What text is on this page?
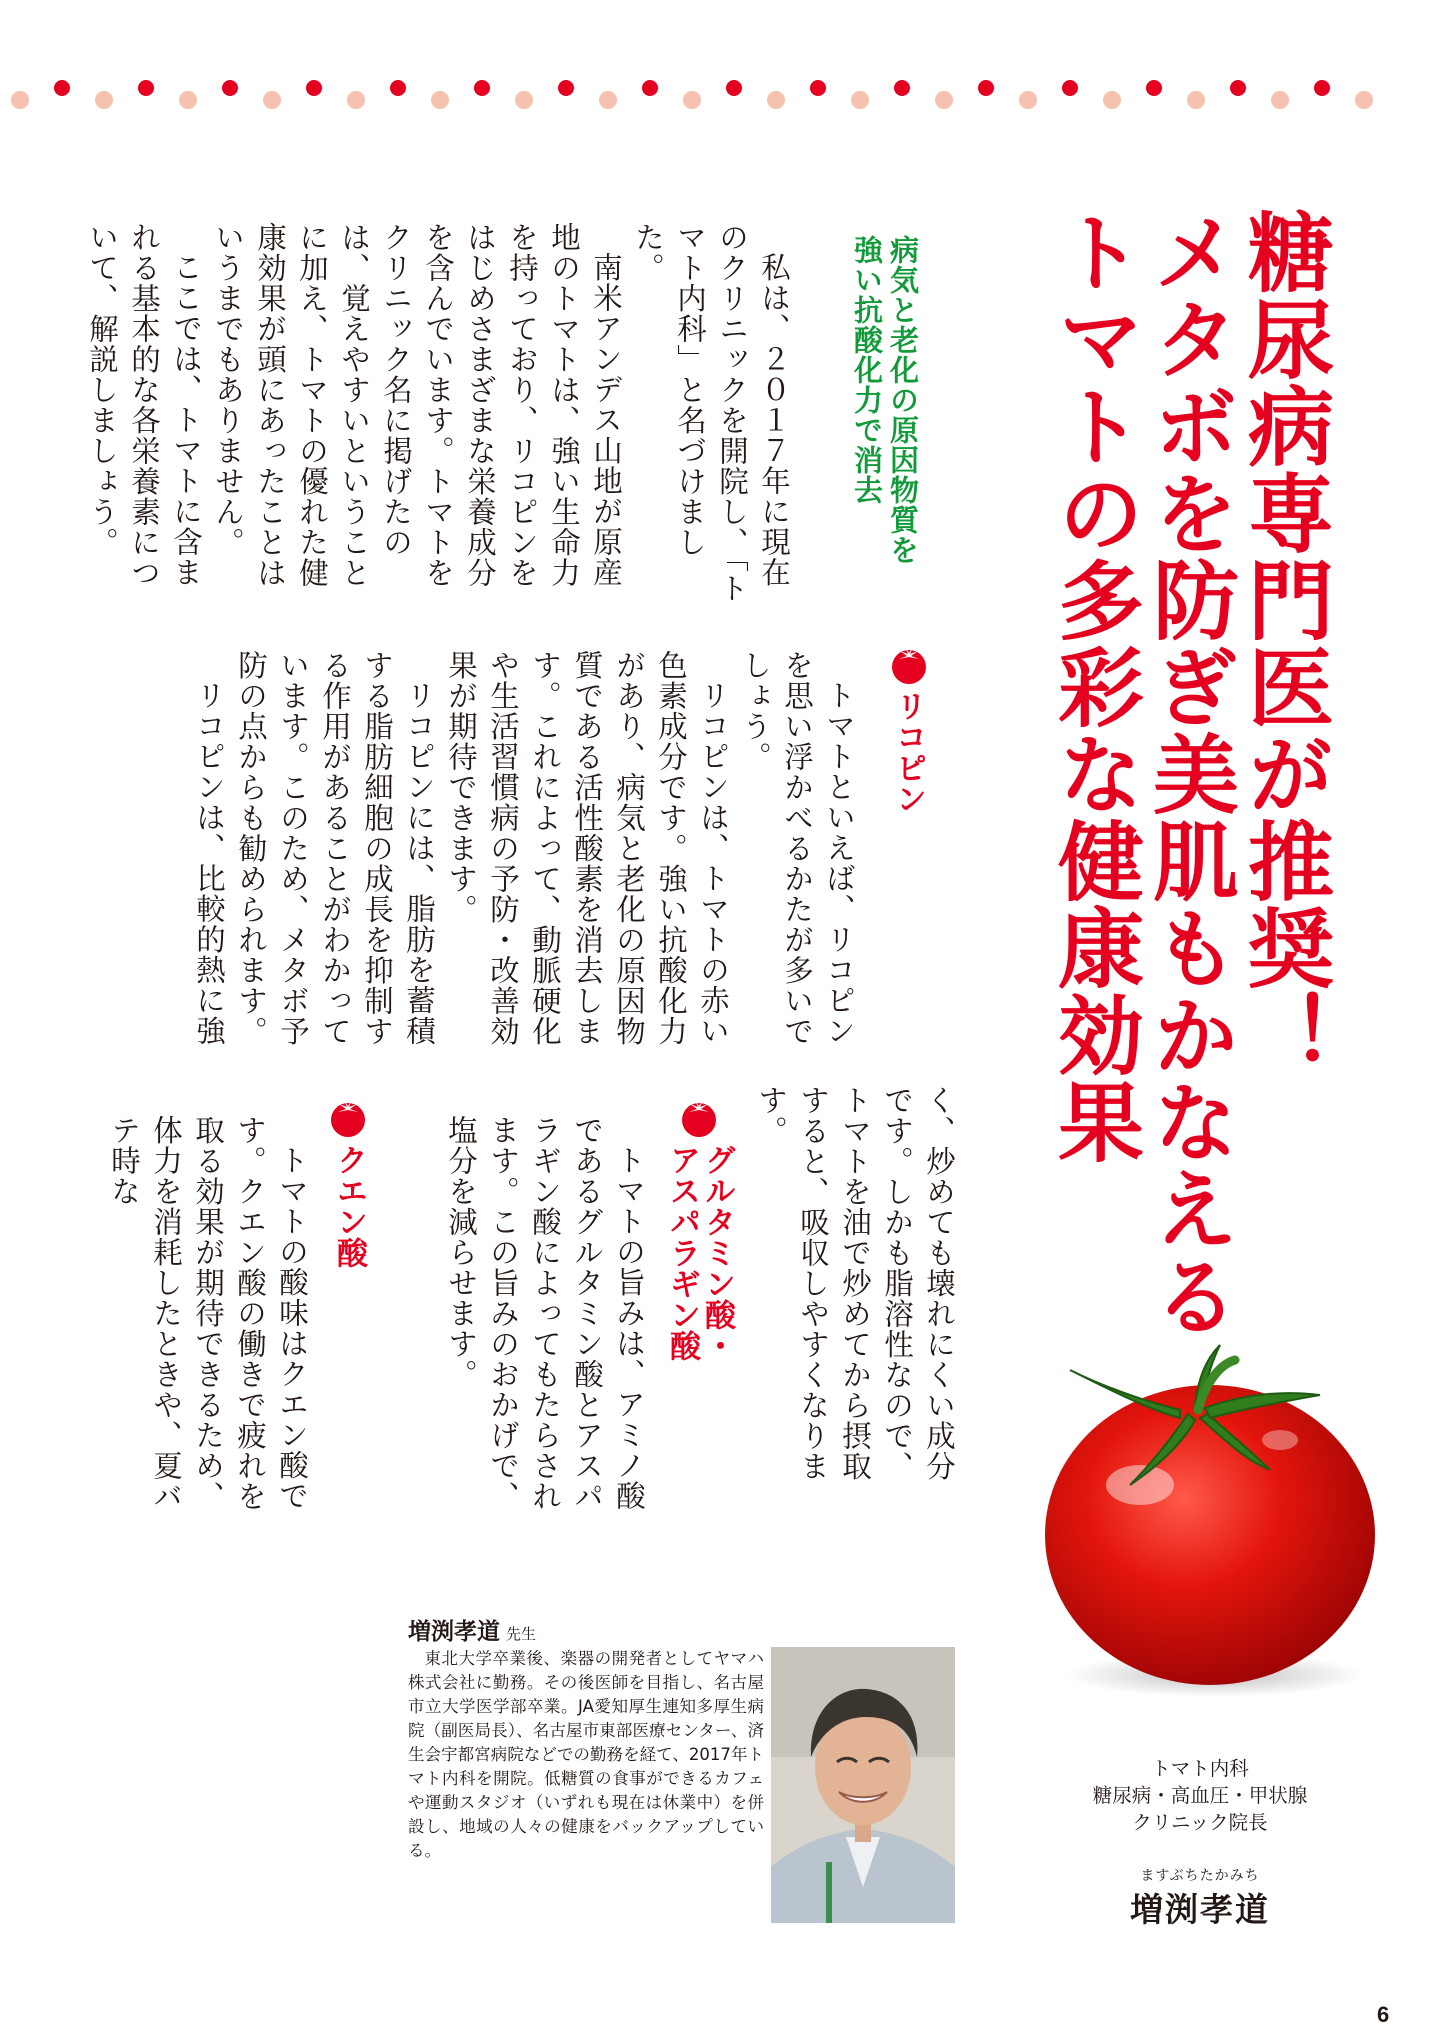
糖尿病専門医が推奨！
メタボを防ぎ美肌もかなえる
トマトの多彩な健康効果
病気と老化の原因物質を
強い抗酸化力で消去

私は、２０１７年に現在のクリニックを開院し、「トマト内科」と名づけました。

南米アンデス山地が原産地のトマトは、強い生命力を持っており、リコピンをはじめさまざまな栄養成分を含んでいます。トマトをクリニック名に掲げたのは、覚えやすいということに加え、トマトの優れた健康効果が頭にあったことはいうまでもありません。

ここでは、トマトに含まれる基本的な各栄養素について、解説しましょう。

リコピン

トマトといえば、リコピンを思い浮かべるかたが多いでしょう。

リコピンは、トマトの赤い色素成分です。強い抗酸化力があり、病気と老化の原因物質である活性酸素を消去します。これによって、動脈硬化や生活習慣病の予防・改善効果が期待できます。

リコピンには、脂肪を蓄積する脂肪細胞の成長を抑制する作用があることがわかっています。このため、メタボ予防の点からも勧められます。

リコピンは、比較的熱に強

く、炒めても壊れにくい成分です。しかも脂溶性なので、トマトを油で炒めてから摂取すると、吸収しやすくなります。

グルタミン酸・
アスパラギン酸

トマトの旨みは、アミノ酸であるグルタミン酸とアスパラギン酸によってもたらされます。この旨みのおかげで、塩分を減らせます。

クエン酸

トマトの酸味はクエン酸です。クエン酸の働きで疲れを取る効果が期待できるため、体力を消耗したときや、夏バテ時な

増渕孝道 先生

東北大学卒業後、楽器の開発者としてヤマハ株式会社に勤務。その後医師を目指し、名古屋市立大学医学部卒業。JA愛知厚生連知多厚生病院（副医局長）、名古屋市東部医療センター、済生会宇都宮病院などでの勤務を経て、2017年トマト内科を開院。低糖質の食事ができるカフェや運動スタジオ（いずれも現在は休業中）を併設し、地域の人々の健康をバックアップしている。

トマト内科
糖尿病・高血圧・甲状腺
クリニック院長
ますぶちたかみち
増渕孝道
6
